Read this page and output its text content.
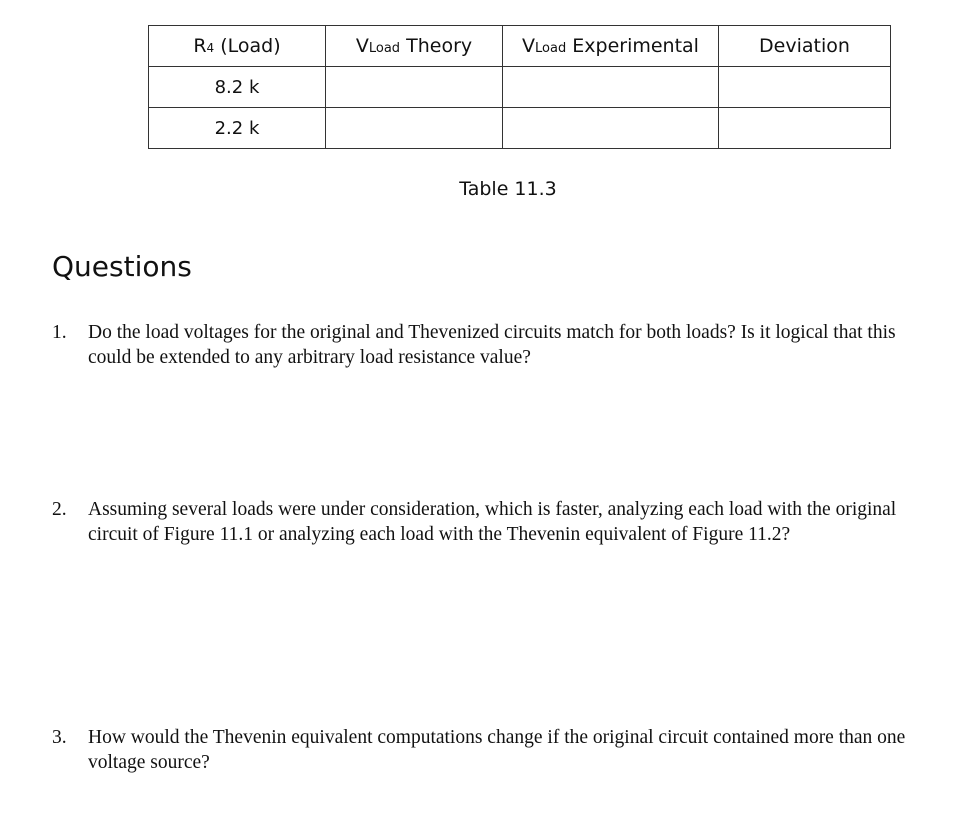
R4 (Load)	VLoad Theory	VLoad Experimental	Deviation
8.2 k			
2.2 k			
Table 11.3
Questions
1.	Do the load voltages for the original and Thevenized circuits match for both loads? Is it logical that this could be extended to any arbitrary load resistance value?
2.	Assuming several loads were under consideration, which is faster, analyzing each load with the original circuit of Figure 11.1 or analyzing each load with the Thevenin equivalent of Figure 11.2?
3.	How would the Thevenin equivalent computations change if the original circuit contained more than one voltage source?
